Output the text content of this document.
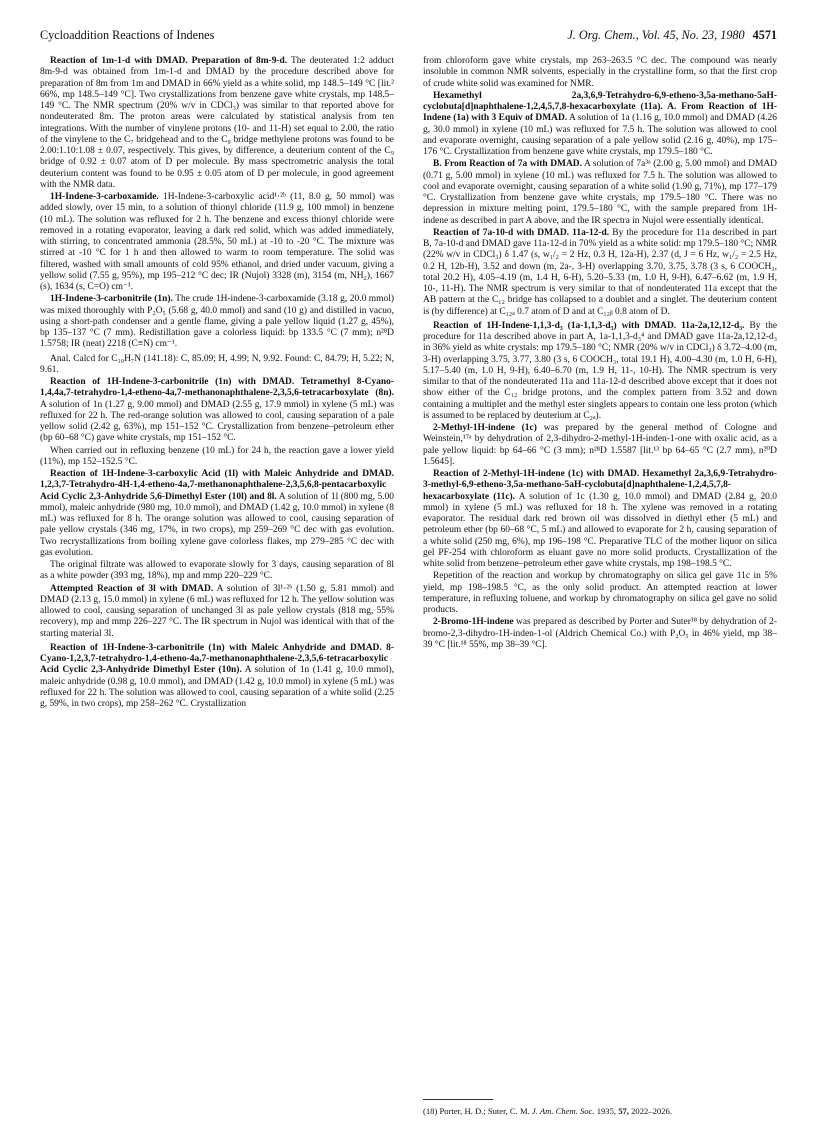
Cycloaddition Reactions of Indenes	J. Org. Chem., Vol. 45, No. 23, 1980 4571

Reaction of 1m-1-d with DMAD. Preparation of 8m-9-d. The deuterated 1:2 adduct 8m-9-d was obtained from 1m-1-d and DMAD by the procedure described above for preparation of 8m from 1m and DMAD in 66% yield as a white solid, mp 148.5–149 °C [lit.² 66%, mp 148.5–149 °C]. Two crystallizations from benzene gave white crystals, mp 148.5–149 °C. The NMR spectrum (20% w/v in CDCl₃) was similar to that reported above for nondeuterated 8m. The proton areas were calculated by statistical analysis from ten integrations. With the number of vinylene protons (10- and 11-H) set equal to 2.00, the ratio of the vinylene to the C₇ bridgehead and to the C₉ bridge methylene protons was found to be 2.00:1.10:1.08 ± 0.07, respectively. This gives, by difference, a deuterium content of the C₉ bridge of 0.92 ± 0.07 atom of D per molecule. By mass spectrometric analysis the total deuterium content was found to be 0.95 ± 0.05 atom of D per molecule, in good agreement with the NMR data.

1H-Indene-3-carboxamide. 1H-Indene-3-carboxylic acid¹·²ᵇ (11, 8.0 g, 50 mmol) was added slowly, over 15 min, to a solution of thionyl chloride (11.9 g, 100 mmol) in benzene (10 mL). The solution was refluxed for 2 h. The benzene and excess thionyl chloride were removed in a rotating evaporator, leaving a dark red solid, which was added immediately, with stirring, to concentrated ammonia (28.5%, 50 mL) at -10 to -20 °C. The mixture was stirred at -10 °C for 1 h and then allowed to warm to room temperature. The solid was filtered, washed with small amounts of cold 95% ethanol, and dried under vacuum, giving a yellow solid (7.55 g, 95%), mp 195–212 °C dec; IR (Nujol) 3328 (m), 3154 (m, NH₂), 1667 (s), 1634 (s, C=O) cm⁻¹.

1H-Indene-3-carbonitrile (1n). The crude 1H-indene-3-carboxamide (3.18 g, 20.0 mmol) was mixed thoroughly with P₂O₅ (5.68 g, 40.0 mmol) and sand (10 g) and distilled in vacuo, using a short-path condenser and a gentle flame, giving a pale yellow liquid (1.27 g, 45%), bp 135–137 °C (7 mm). Redistillation gave a colorless liquid: bp 133.5 °C (7 mm); n²⁸D 1.5758; IR (neat) 2218 (C≡N) cm⁻¹.

Anal. Calcd for C₁₀H₇N (141.18): C, 85.09; H, 4.99; N, 9.92. Found: C, 84.79; H, 5.22; N, 9.61.

Reaction of 1H-Indene-3-carbonitrile (1n) with DMAD. Tetramethyl 8-Cyano-1,4,4a,7-tetrahydro-1,4-etheno-4a,7-methanonaphthalene-2,3,5,6-tetracarboxylate (8n). A solution of 1n (1.27 g, 9.00 mmol) and DMAD (2.55 g, 17.9 mmol) in xylene (5 mL) was refluxed for 22 h. The red-orange solution was allowed to cool, causing separation of a pale yellow solid (2.42 g, 63%), mp 151–152 °C. Crystallization from benzene–petroleum ether (bp 60–68 °C) gave white crystals, mp 151–152 °C.

When carried out in refluxing benzene (10 mL) for 24 h, the reaction gave a lower yield (11%), mp 152–152.5 °C.

Reaction of 1H-Indene-3-carboxylic Acid (1l) with Maleic Anhydride and DMAD. 1,2,3,7-Tetrahydro-4H-1,4-etheno-4a,7-methanonaphthalene-2,3,5,6,8-pentacarboxylic Acid Cyclic 2,3-Anhydride 5,6-Dimethyl Ester (10l) and 8l. A solution of 1l (800 mg, 5.00 mmol), maleic anhydride (980 mg, 10.0 mmol), and DMAD (1.42 g, 10.0 mmol) in xylene (8 mL) was refluxed for 8 h. The orange solution was allowed to cool, causing separation of pale yellow crystals (346 mg, 17%, in two crops), mp 259–269 °C dec with gas evolution. Two recrystallizations from boiling xylene gave colorless flakes, mp 279–285 °C dec with gas evolution.

The original filtrate was allowed to evaporate slowly for 3 days, causing separation of 8l as a white powder (393 mg, 18%), mp and mmp 220–229 °C.

Attempted Reaction of 3l with DMAD. A solution of 3l¹·²ᵇ (1.50 g, 5.81 mmol) and DMAD (2.13 g, 15.0 mmol) in xylene (6 mL) was refluxed for 12 h. The yellow solution was allowed to cool, causing separation of unchanged 3l as pale yellow crystals (818 mg, 55% recovery), mp and mmp 226–227 °C. The IR spectrum in Nujol was identical with that of the starting material 3l.

Reaction of 1H-Indene-3-carbonitrile (1n) with Maleic Anhydride and DMAD. 8-Cyano-1,2,3,7-tetrahydro-1,4-etheno-4a,7-methanonaphthalene-2,3,5,6-tetracarboxylic Acid Cyclic 2,3-Anhydride Dimethyl Ester (10n). A solution of 1n (1.41 g, 10.0 mmol), maleic anhydride (0.98 g, 10.0 mmol), and DMAD (1.42 g, 10.0 mmol) in xylene (5 mL) was refluxed for 22 h. The solution was allowed to cool, causing separation of a white solid (2.25 g, 59%, in two crops), mp 258–262 °C. Crystallization

from chloroform gave white crystals, mp 263–263.5 °C dec. The compound was nearly insoluble in common NMR solvents, especially in the crystalline form, so that the first crop of crude white solid was examined for NMR.

Hexamethyl 2a,3,6,9-Tetrahydro-6,9-etheno-3,5a-methano-5aH-cyclobuta[d]naphthalene-1,2,4,5,7,8-hexacarboxylate (11a). A. From Reaction of 1H-Indene (1a) with 3 Equiv of DMAD. A solution of 1a (1.16 g, 10.0 mmol) and DMAD (4.26 g, 30.0 mmol) in xylene (10 mL) was refluxed for 7.5 h. The solution was allowed to cool and evaporate overnight, causing separation of a pale yellow solid (2.16 g, 40%), mp 175–176 °C. Crystallization from benzene gave white crystals, mp 179.5–180 °C.

B. From Reaction of 7a with DMAD. A solution of 7a³ᵃ (2.00 g, 5.00 mmol) and DMAD (0.71 g, 5.00 mmol) in xylene (10 mL) was refluxed for 7.5 h. The solution was allowed to cool and evaporate overnight, causing separation of a white solid (1.90 g, 71%), mp 177–179 °C. Crystallization from benzene gave white crystals, mp 179.5–180 °C. There was no depression in mixture melting point, 179.5–180 °C, with the sample prepared from 1H-indene as described in part A above, and the IR spectra in Nujol were essentially identical.

Reaction of 7a-10-d with DMAD. 11a-12-d. By the procedure for 11a described in part B, 7a-10-d and DMAD gave 11a-12-d in 70% yield as a white solid: mp 179.5–180 °C; NMR (22% w/v in CDCl₃) δ 1.47 (s, w₁/₂ = 2 Hz, 0.3 H, 12a-H), 2.37 (d, J = 6 Hz, w₁/₂ = 2.5 Hz, 0.2 H, 12b-H), 3.52 and down (m, 2a-, 3-H) overlapping 3.70, 3.75, 3.78 (3 s, 6 COOCH₃, total 20.2 H), 4.05–4.19 (m, 1.4 H, 6-H), 5.20–5.33 (m, 1.0 H, 9-H), 6.47–6.62 (m, 1.9 H, 10-, 11-H). The NMR spectrum is very similar to that of nondeuterated 11a except that the AB pattern at the C₁₂ bridge has collapsed to a doublet and a singlet. The deuterium content is (by difference) at C₁₂ₐ 0.7 atom of D and at C₁₂ᵦ 0.8 atom of D.

Reaction of 1H-Indene-1,1,3-d₃ (1a-1,1,3-d₃) with DMAD. 11a-2a,12,12-d₃. By the procedure for 11a described above in part A, 1a-1,1,3-d₃⁴ and DMAD gave 11a-2a,12,12-d₃ in 36% yield as white crystals: mp 179.5–180 °C; NMR (20% w/v in CDCl₃) δ 3.72–4.00 (m, 3-H) overlapping 3.75, 3.77, 3.80 (3 s, 6 COOCH₃, total 19.1 H), 4.00–4.30 (m, 1.0 H, 6-H), 5.17–5.40 (m, 1.0 H, 9-H), 6.40–6.70 (m, 1.9 H, 11-, 10-H). The NMR spectrum is very similar to that of the nondeuterated 11a and 11a-12-d described above except that it does not show either of the C₁₂ bridge protons, and the complex pattern from 3.52 and down containing a multiplet and the methyl ester singlets appears to contain one less proton (which is assumed to be replaced by deuterium at C₂ₐ).

2-Methyl-1H-indene (1c) was prepared by the general method of Cologne and Weinstein,¹⁷ᵃ by dehydration of 2,3-dihydro-2-methyl-1H-inden-1-one with oxalic acid, as a pale yellow liquid: bp 64–66 °C (3 mm); n²⁸D 1.5587 [lit.¹³ bp 64–65 °C (2.7 mm), n²⁰D 1.5645].

Reaction of 2-Methyl-1H-indene (1c) with DMAD. Hexamethyl 2a,3,6,9-Tetrahydro-3-methyl-6,9-etheno-3,5a-methano-5aH-cyclobuta[d]naphthalene-1,2,4,5,7,8-hexacarboxylate (11c). A solution of 1c (1.30 g, 10.0 mmol) and DMAD (2.84 g, 20.0 mmol) in xylene (5 mL) was refluxed for 18 h. The xylene was removed in a rotating evaporator. The residual dark red brown oil was dissolved in diethyl ether (5 mL) and petroleum ether (bp 60–68 °C, 5 mL) and allowed to evaporate for 2 h, causing separation of a white solid (250 mg, 6%), mp 196–198 °C. Preparative TLC of the mother liquor on silica gel PF-254 with chloroform as eluant gave no more solid products. Crystallization of the white solid from benzene–petroleum ether gave white crystals, mp 198–198.5 °C.

Repetition of the reaction and workup by chromatography on silica gel gave 11c in 5% yield, mp 198–198.5 °C, as the only solid product. An attempted reaction at lower temperature, in refluxing toluene, and workup by chromatography on silica gel gave no solid products.

2-Bromo-1H-indene was prepared as described by Porter and Suter¹⁸ by dehydration of 2-bromo-2,3-dihydro-1H-inden-1-ol (Aldrich Chemical Co.) with P₂O₅ in 46% yield, mp 38–39 °C [lit.¹⁸ 55%, mp 38–39 °C].

(18) Porter, H. D.; Suter, C. M. J. Am. Chem. Soc. 1935, 57, 2022–2026.
